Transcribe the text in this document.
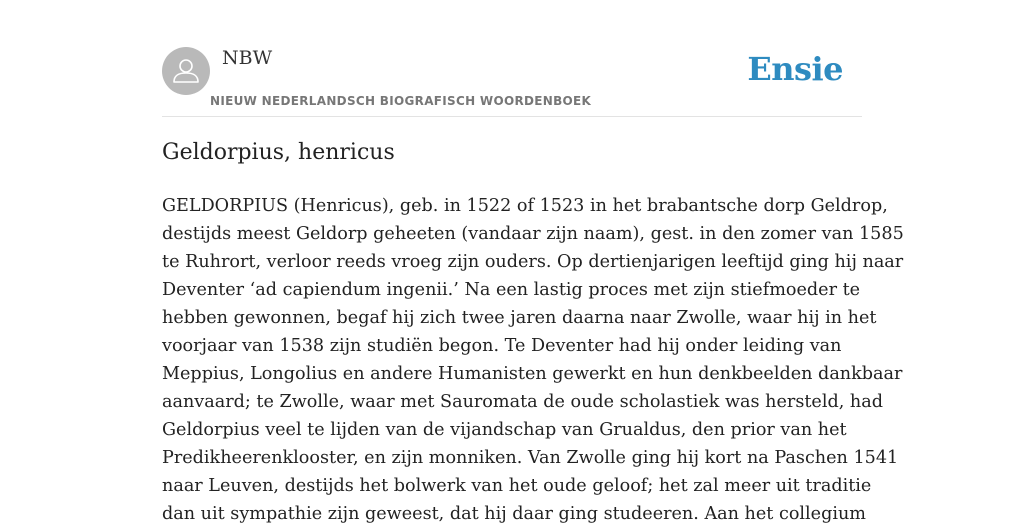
NBW
NIEUW NEDERLANDSCH BIOGRAFISCH WOORDENBOEK
Ensie
Geldorpius, henricus
GELDORPIUS (Henricus), geb. in 1522 of 1523 in het brabantsche dorp Geldrop,
destijds meest Geldorp geheeten (vandaar zijn naam), gest. in den zomer van 1585
te Ruhrort, verloor reeds vroeg zijn ouders. Op dertienjarigen leeftijd ging hij naar
Deventer ‘ad capiendum ingenii.’ Na een lastig proces met zijn stiefmoeder te
hebben gewonnen, begaf hij zich twee jaren daarna naar Zwolle, waar hij in het
voorjaar van 1538 zijn studiën begon. Te Deventer had hij onder leiding van
Meppius, Longolius en andere Humanisten gewerkt en hun denkbeelden dankbaar
aanvaard; te Zwolle, waar met Sauromata de oude scholastiek was hersteld, had
Geldorpius veel te lijden van de vijandschap van Grualdus, den prior van het
Predikheerenklooster, en zijn monniken. Van Zwolle ging hij kort na Paschen 1541
naar Leuven, destijds het bolwerk van het oude geloof; het zal meer uit traditie
dan uit sympathie zijn geweest, dat hij daar ging studeeren. Aan het collegium
